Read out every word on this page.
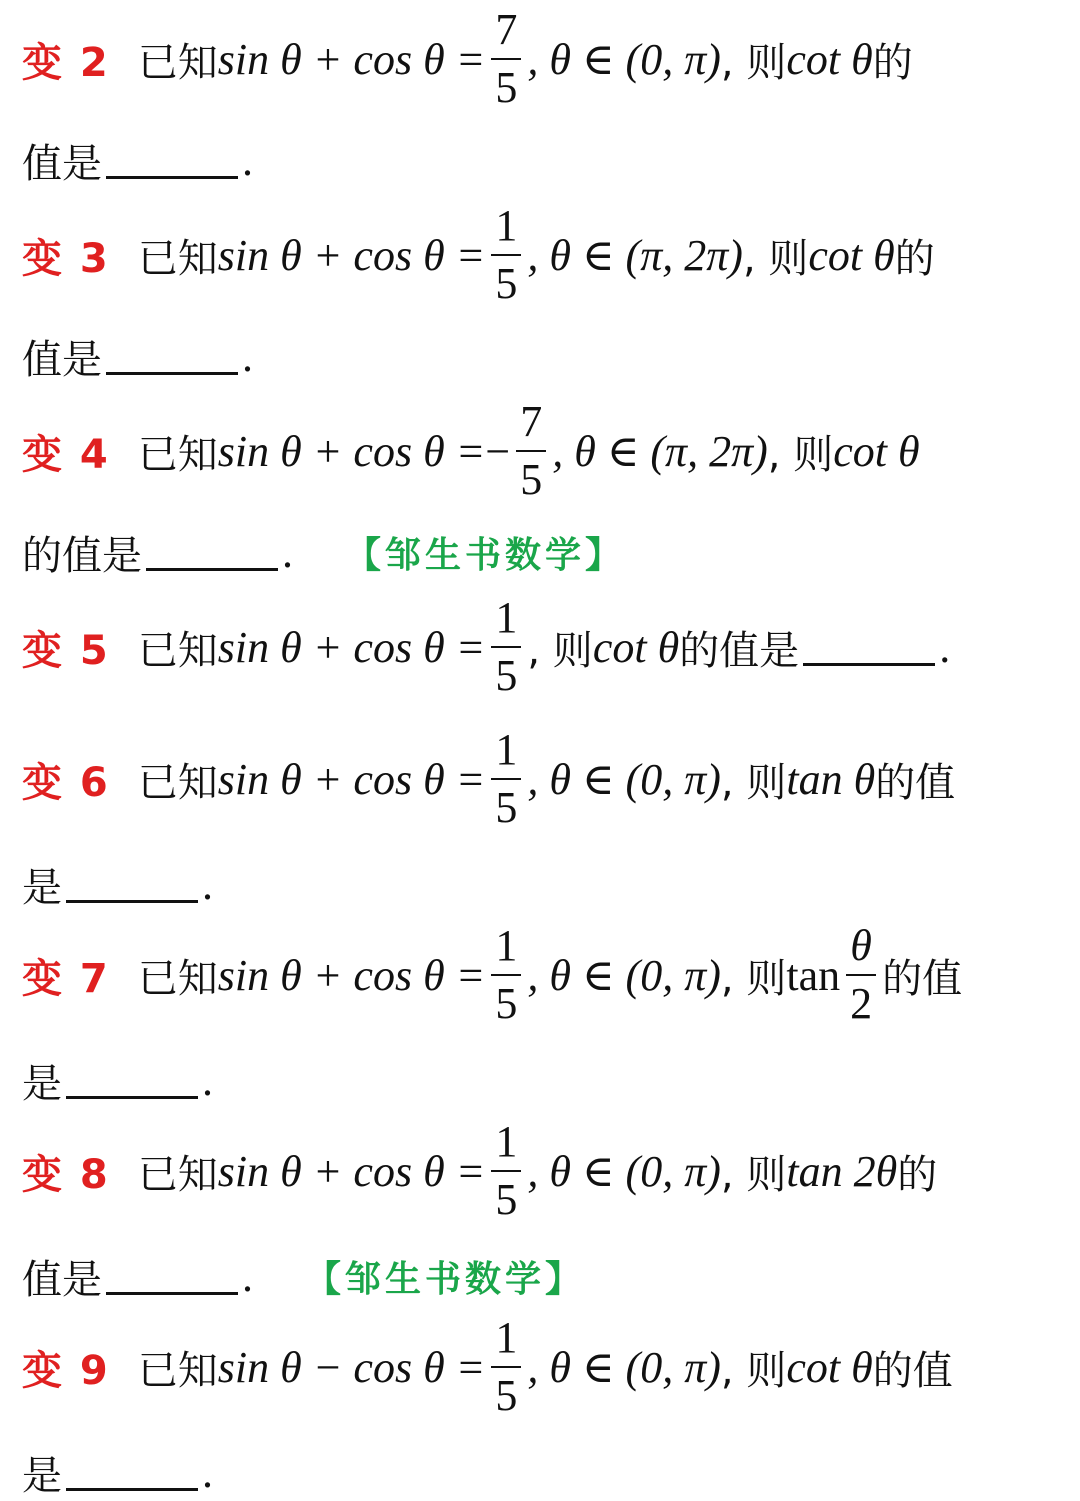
变 2 已知 $\sin \theta + \cos \theta = \frac{7}{5}$ , θ ∈ (0, π) , 则 cot θ 的
值是	.
变 3 已知 $\sin \theta + \cos \theta = \frac{1}{5}$ , θ ∈ (π, 2π) , 则 cot θ 的
值是	.
变 4 已知 sin θ + cos θ = − $\frac{7}{5}$ , θ ∈ (π, 2π) , 则 cot θ
的值是	. 【邹生书数学】
变 5 已知 $\sin \theta + \cos \theta = \frac{1}{5}$ , 则 cot θ 的值是	.
变 6 已知 $\sin \theta + \cos \theta = \frac{1}{5}$ , θ ∈ (0, π) , 则 tan θ 的值
是	.
变 7 已知 $\sin \theta + \cos \theta = \frac{1}{5}$ , θ ∈ (0, π) , 则 $\tan \frac{\theta}{2}$ 的值
是	.
变 8 已知 $\sin \theta + \cos \theta = \frac{1}{5}$ , θ ∈ (0, π) , 则 tan 2θ 的
值是	. 【邹生书数学】
变 9 已知 $\sin \theta - \cos \theta = \frac{1}{5}$ , θ ∈ (0, π) , 则 cot θ 的值
是	.
